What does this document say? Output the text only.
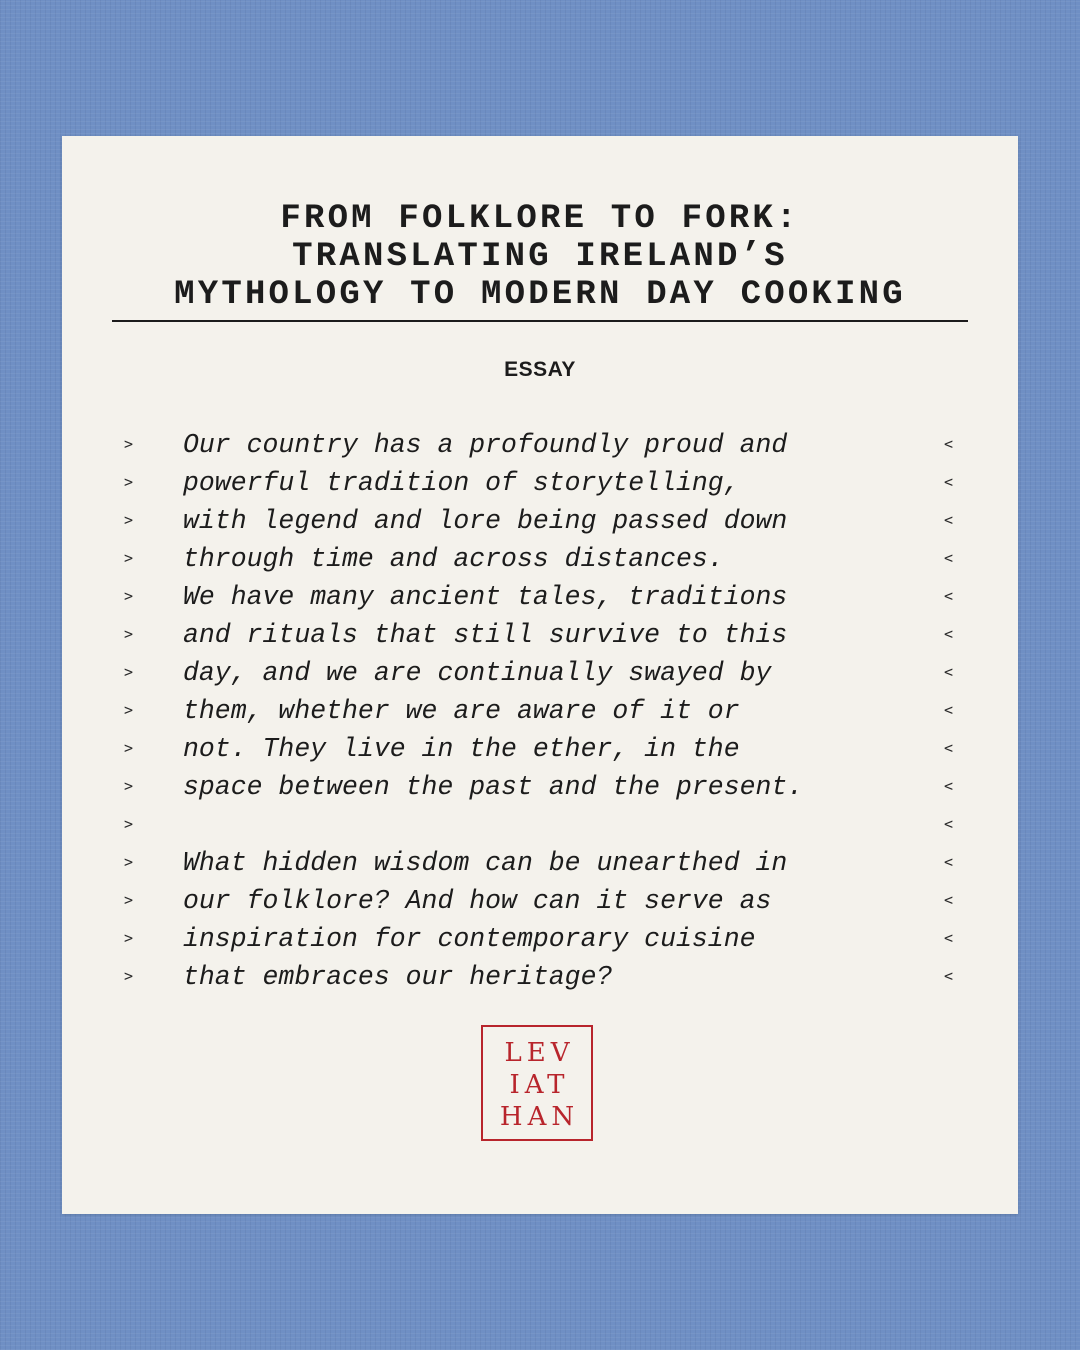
FROM FOLKLORE TO FORK:
TRANSLATING IRELAND’S
MYTHOLOGY TO MODERN DAY COOKING
ESSAY
> Our country has a profoundly proud and	<
> powerful tradition of storytelling,	<
> with legend and lore being passed down	<
> through time and across distances.	<
> We have many ancient tales, traditions	<
> and rituals that still survive to this	<
> day, and we are continually swayed by	<
> them, whether we are aware of it or	<
> not. They live in the ether, in the	<
> space between the past and the present.	<
>	<
> What hidden wisdom can be unearthed in	<
> our folklore? And how can it serve as	<
> inspiration for contemporary cuisine	<
> that embraces our heritage?	<
LEV
IAT
HAN
